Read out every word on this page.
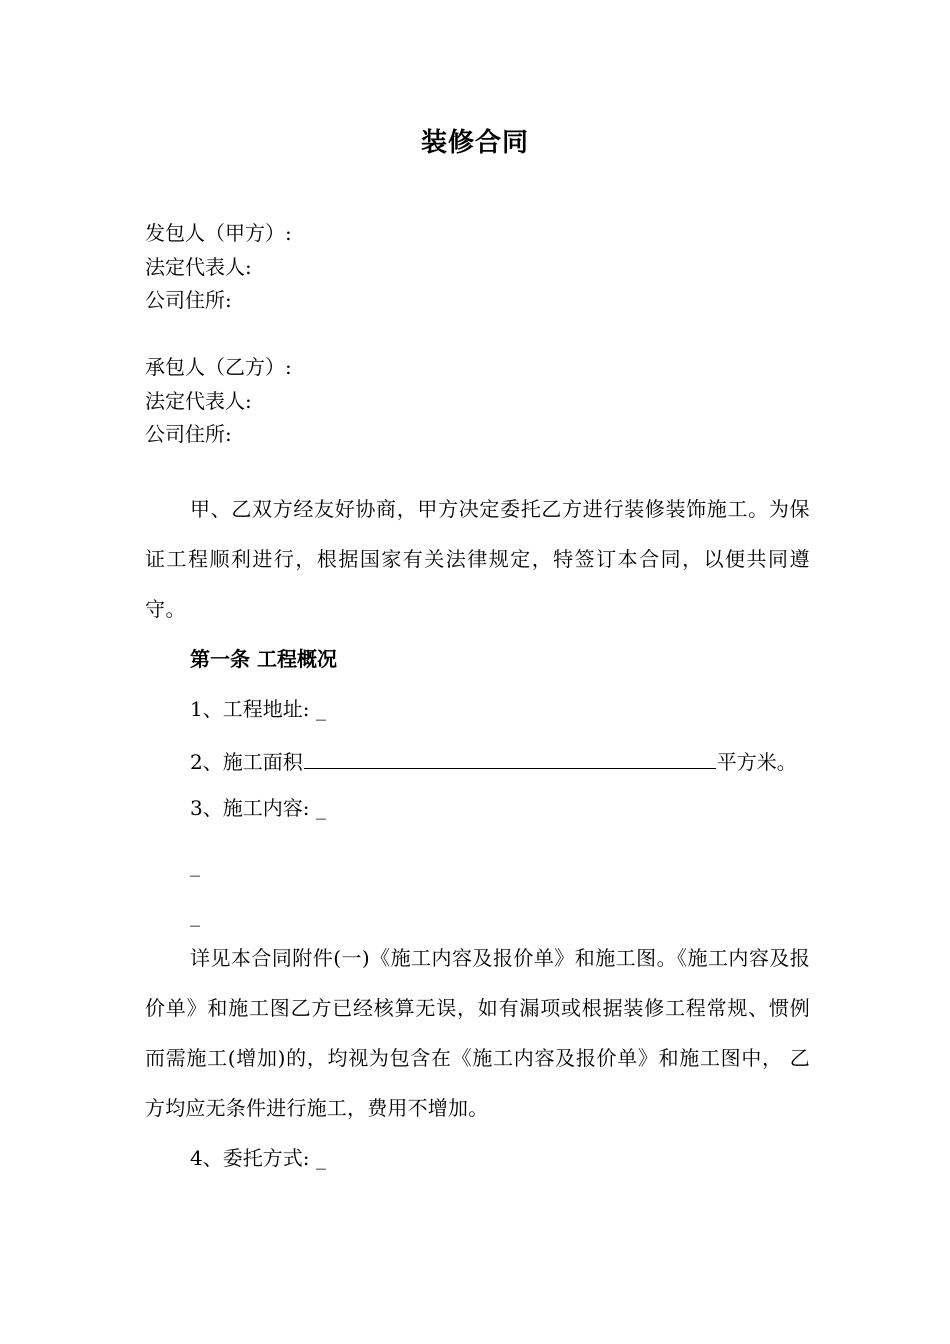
装修合同
发包人（甲方）:
法定代表人:
公司住所:
承包人（乙方）:
法定代表人:
公司住所:
甲、乙双方经友好协商，甲方决定委托乙方进行装修装饰施工。为保证工程顺利进行，根据国家有关法律规定，特签订本合同，以便共同遵守。
第一条 工程概况
1、工程地址: _
2、施工面积	平方米。
3、施工内容: _
_
_
详见本合同附件(一)《施工内容及报价单》和施工图。《施工内容及报价单》和施工图乙方已经核算无误，如有漏项或根据装修工程常规、惯例而需施工(增加)的，均视为包含在《施工内容及报价单》和施工图中， 乙方均应无条件进行施工，费用不增加。
4、委托方式: _
